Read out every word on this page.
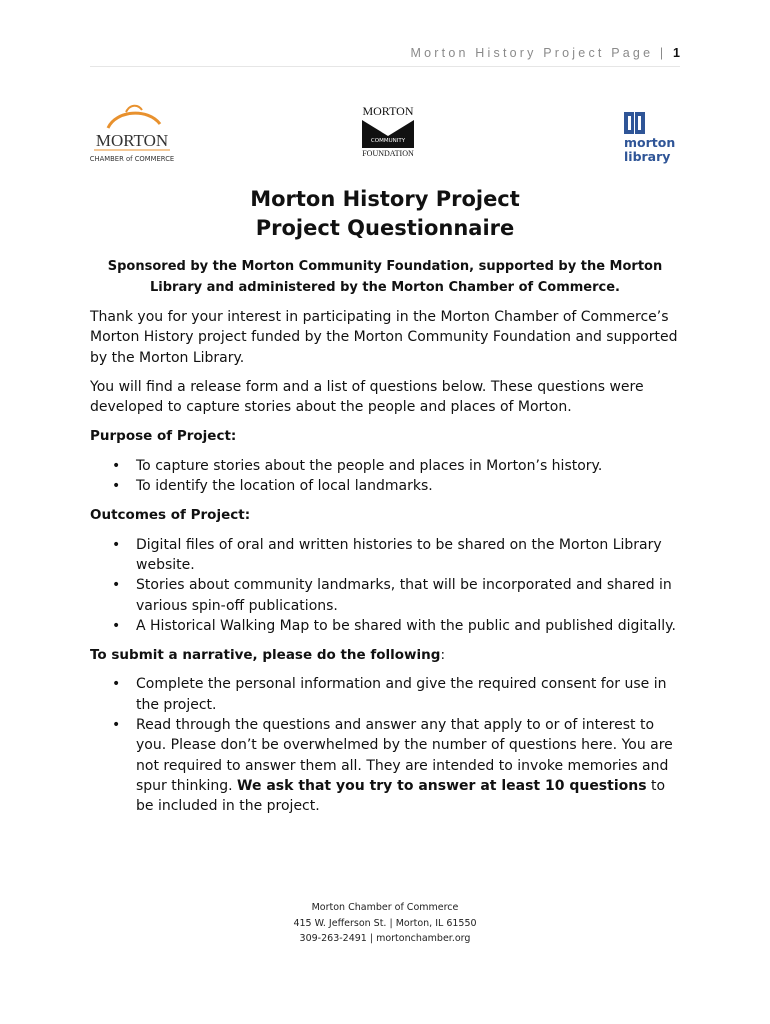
Morton History Project Page | 1
MORTON
CHAMBER of COMMERCE
MORTON
COMMUNITY
FOUNDATION
morton
library
Morton History Project
Project Questionnaire
Sponsored by the Morton Community Foundation, supported by the Morton
Library and administered by the Morton Chamber of Commerce.

Thank you for your interest in participating in the Morton Chamber of Commerce’s Morton History project funded by the Morton Community Foundation and supported by the Morton Library.

You will find a release form and a list of questions below. These questions were developed to capture stories about the people and places of Morton.

Purpose of Project:
• To capture stories about the people and places in Morton’s history.
• To identify the location of local landmarks.
Outcomes of Project:
• Digital files of oral and written histories to be shared on the Morton Library website.
• Stories about community landmarks, that will be incorporated and shared in various spin-off publications.
• A Historical Walking Map to be shared with the public and published digitally.
To submit a narrative, please do the following:
• Complete the personal information and give the required consent for use in the project.
• Read through the questions and answer any that apply to or of interest to you. Please don’t be overwhelmed by the number of questions here. You are not required to answer them all. They are intended to invoke memories and spur thinking. We ask that you try to answer at least 10 questions to be included in the project.
Morton Chamber of Commerce
415 W. Jefferson St. | Morton, IL 61550
309-263-2491 | mortonchamber.org
